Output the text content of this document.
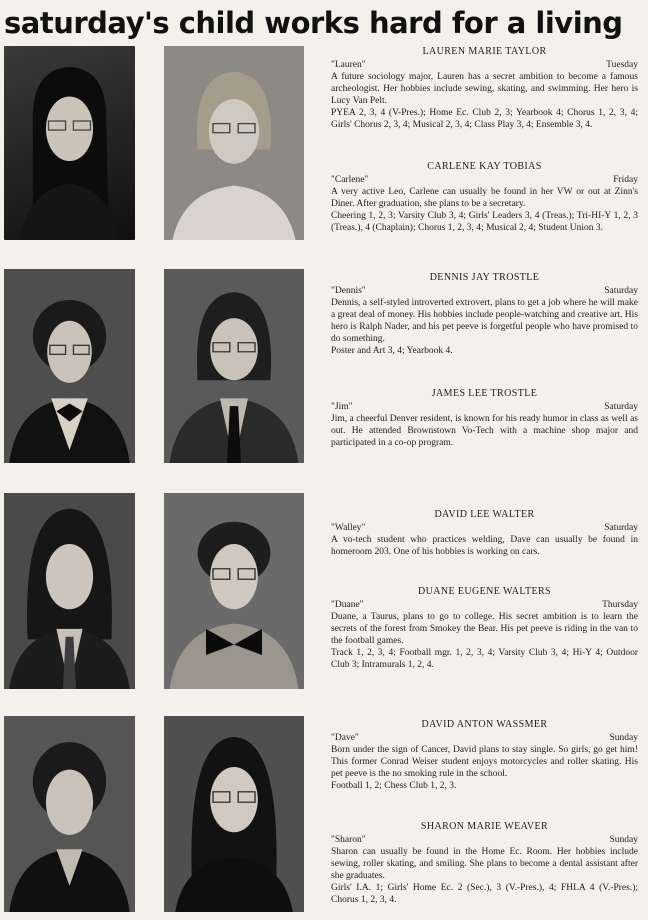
saturday's child works hard for a living
LAUREN MARIE TAYLOR
"Lauren"	Tuesday
A future sociology major, Lauren has a secret ambition to become a famous archeologist. Her hobbies include sewing, skating, and swimming. Her hero is Lucy Van Pelt.
PYEA 2, 3, 4 (V-Pres.); Home Ec. Club 2, 3; Yearbook 4; Chorus 1, 2, 3, 4; Girls' Chorus 2, 3, 4; Musical 2, 3, 4; Class Play 3, 4; Ensemble 3, 4.
CARLENE KAY TOBIAS
"Carlene"	Friday
A very active Leo, Carlene can usually be found in her VW or out at Zinn's Diner. After graduation, she plans to be a secretary.
Cheering 1, 2, 3; Varsity Club 3, 4; Girls' Leaders 3, 4 (Treas.); Tri-HI-Y 1, 2, 3 (Treas.), 4 (Chaplain); Chorus 1, 2, 3, 4; Musical 2, 4; Student Union 3.
DENNIS JAY TROSTLE
"Dennis"	Saturday
Dennis, a self-styled introverted extrovert, plans to get a job where he will make a great deal of money. His hobbies include people-watching and creative art. His hero is Ralph Nader, and his pet peeve is forgetful people who have promised to do something.
Poster and Art 3, 4; Yearbook 4.
JAMES LEE TROSTLE
"Jim"	Saturday
Jim, a cheerful Denver resident, is known for his ready humor in class as well as out. He attended Brownstown Vo-Tech with a machine shop major and participated in a co-op program.
DAVID LEE WALTER
"Walley"	Saturday
A vo-tech student who practices welding, Dave can usually be found in homeroom 203. One of his hobbies is working on cars.
DUANE EUGENE WALTERS
"Duane"	Thursday
Duane, a Taurus, plans to go to college. His secret ambition is to learn the secrets of the forest from Smokey the Bear. His pet peeve is riding in the van to the football games.
Track 1, 2, 3, 4; Football mgr. 1, 2, 3, 4; Varsity Club 3, 4; Hi-Y 4; Outdoor Club 3; Intramurals 1, 2, 4.
DAVID ANTON WASSMER
"Dave"	Sunday
Born under the sign of Cancer, David plans to stay single. So girls, go get him! This former Conrad Weiser student enjoys motorcycles and roller skating. His pet peeve is the no smoking rule in the school.
Football 1, 2; Chess Club 1, 2, 3.
SHARON MARIE WEAVER
"Sharon"	Sunday
Sharon can usually be found in the Home Ec. Room. Her hobbies include sewing, roller skating, and smiling. She plans to become a dental assistant after she graduates.
Girls' I.A. 1; Girls' Home Ec. 2 (Sec.), 3 (V.-Pres.), 4; FHLA 4 (V.-Pres.); Chorus 1, 2, 3, 4.
